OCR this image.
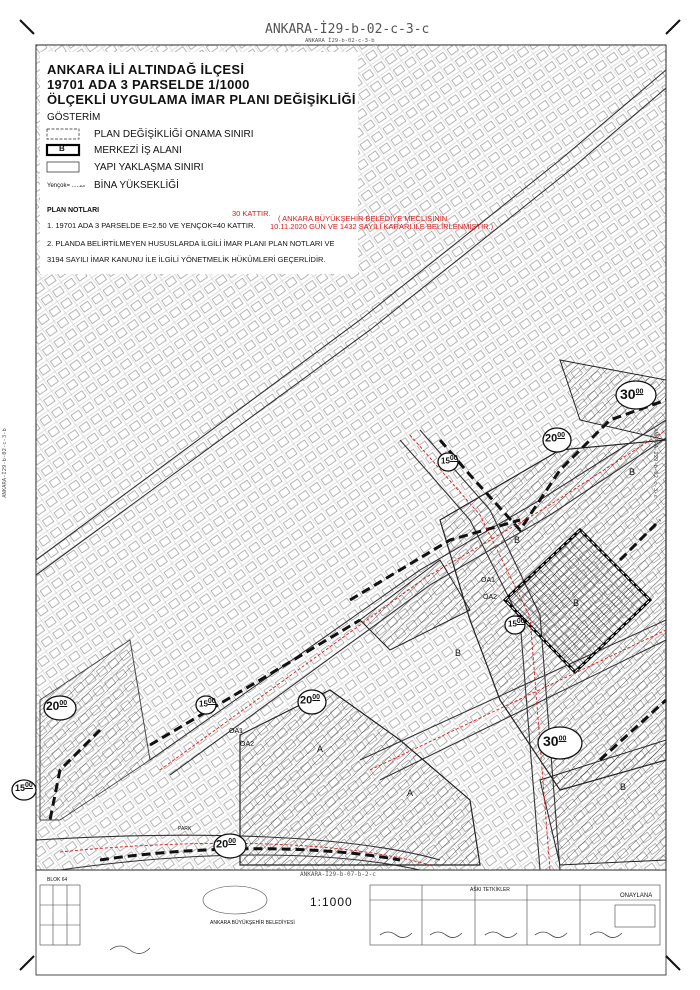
ANKARA-İ29-b-02-c-3-c
ANKARA İ29-b-02-c-3-b
ANKARA-İ29-b-07-b-2-c
ANKARA-İ29-b-02-c-3-b	ANKARA-İ29-b-02-c-3-c
ANKARA İLİ ALTINDAĞ İLÇESİ
19701 ADA 3 PARSELDE 1/1000
ÖLÇEKLİ UYGULAMA İMAR PLANI DEĞİŞİKLİĞİ
GÖSTERİM
PLAN DEĞİŞİKLİĞİ ONAMA SINIRI
B	MERKEZİ İŞ ALANI
YAPI YAKLAŞMA SINIRI
Yençok= ....... BİNA YÜKSEKLİĞİ
PLAN NOTLARI
1. 19701 ADA 3 PARSELDE E=2.50 VE YENÇOK=40 KATTIR.
30 KATTIR.
( ANKARA BÜYÜKŞEHİR BELEDİYE MECLİSİNİN
10.11.2020 GÜN VE 1432 SAYILI KARARI İLE BELİRLENMİŞTİR.)
2. PLANDA BELİRTİLMEYEN HUSUSLARDA İLGİLİ İMAR PLANI PLAN NOTLARI VE
3194 SAYILI İMAR KANUNU İLE İLGİLİ YÖNETMELİK HÜKÜMLERİ GEÇERLİDİR.
$30^{00}$
$20^{00}$
$15^{00}$
$15^{00}$
$20^{00}$
$15^{00}$
$20^{00}$
$15^{00}$
$30^{00}$
$20^{00}$
B
B
B
B
A
A
B
OA1
OA2
OA1
OA2
PARK
BLOK 64
1:1000
ASKI TETKİKLER
ONAYLANA
ANKARA BÜYÜKŞEHİR BELEDİYESİ
